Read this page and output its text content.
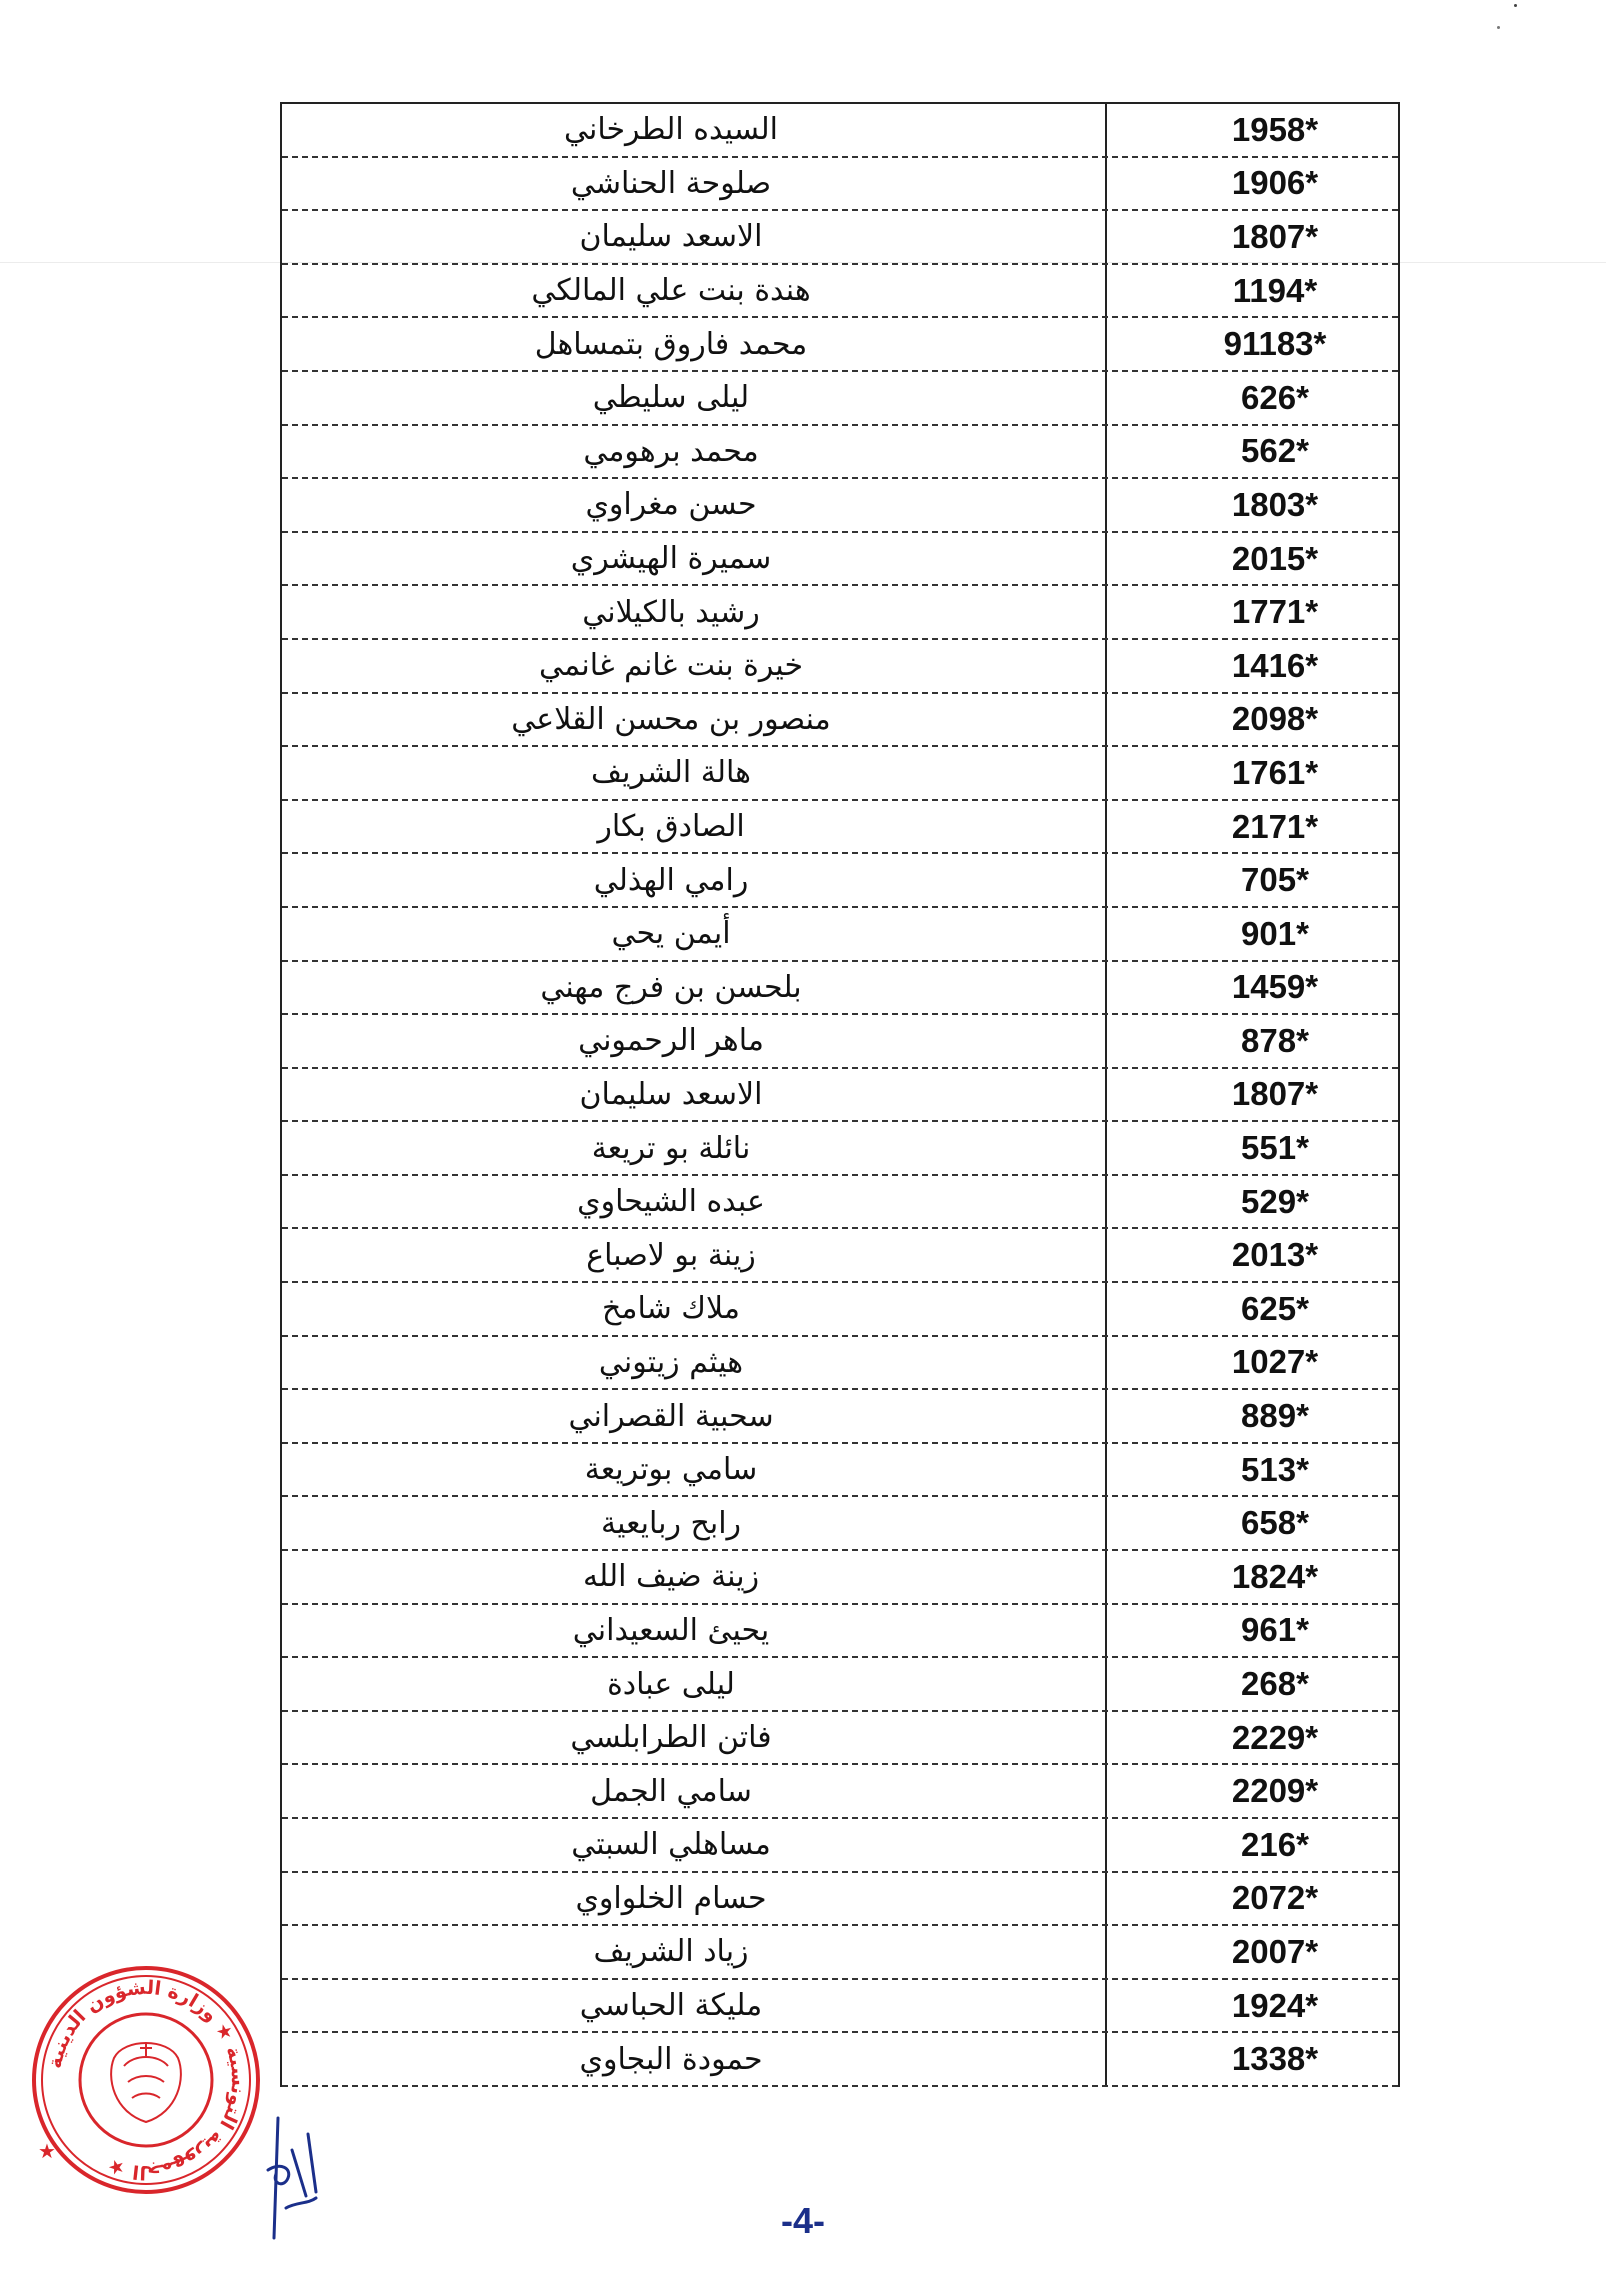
السيده الطرخاني	1958*
صلوحة الحناشي	1906*
الاسعد سليمان	1807*
هندة بنت علي المالكي	1194*
محمد فاروق بتمساهل	91183*
ليلى سليطي	626*
محمد برهومي	562*
حسن مغراوي	1803*
سميرة الهيشري	2015*
رشيد بالكيلاني	1771*
خيرة بنت غانم غانمي	1416*
منصور بن محسن القلاعي	2098*
هالة الشريف	1761*
الصادق بكار	2171*
رامي الهذلي	705*
أيمن يحي	901*
بلحسن بن فرج مهني	1459*
ماهر الرحموني	878*
الاسعد سليمان	1807*
نائلة بو تريعة	551*
عبده الشيحاوي	529*
زينة بو لاصباع	2013*
ملاك شامخ	625*
هيثم زيتوني	1027*
سحبية القصراني	889*
سامي بوتريعة	513*
رابح ربايعية	658*
زينة ضيف الله	1824*
يحيئ السعيداني	961*
ليلى عبادة	268*
فاتن الطرابلسي	2229*
سامي الجمل	2209*
مساهلي السبتي	216*
حسام الخلواوي	2072*
زياد الشريف	2007*
مليكة الحباسي	1924*
حمودة البجاوي	1338*
الجمهورية التونسية ★ وزارة الشؤون الدينية ★
★
-4-
